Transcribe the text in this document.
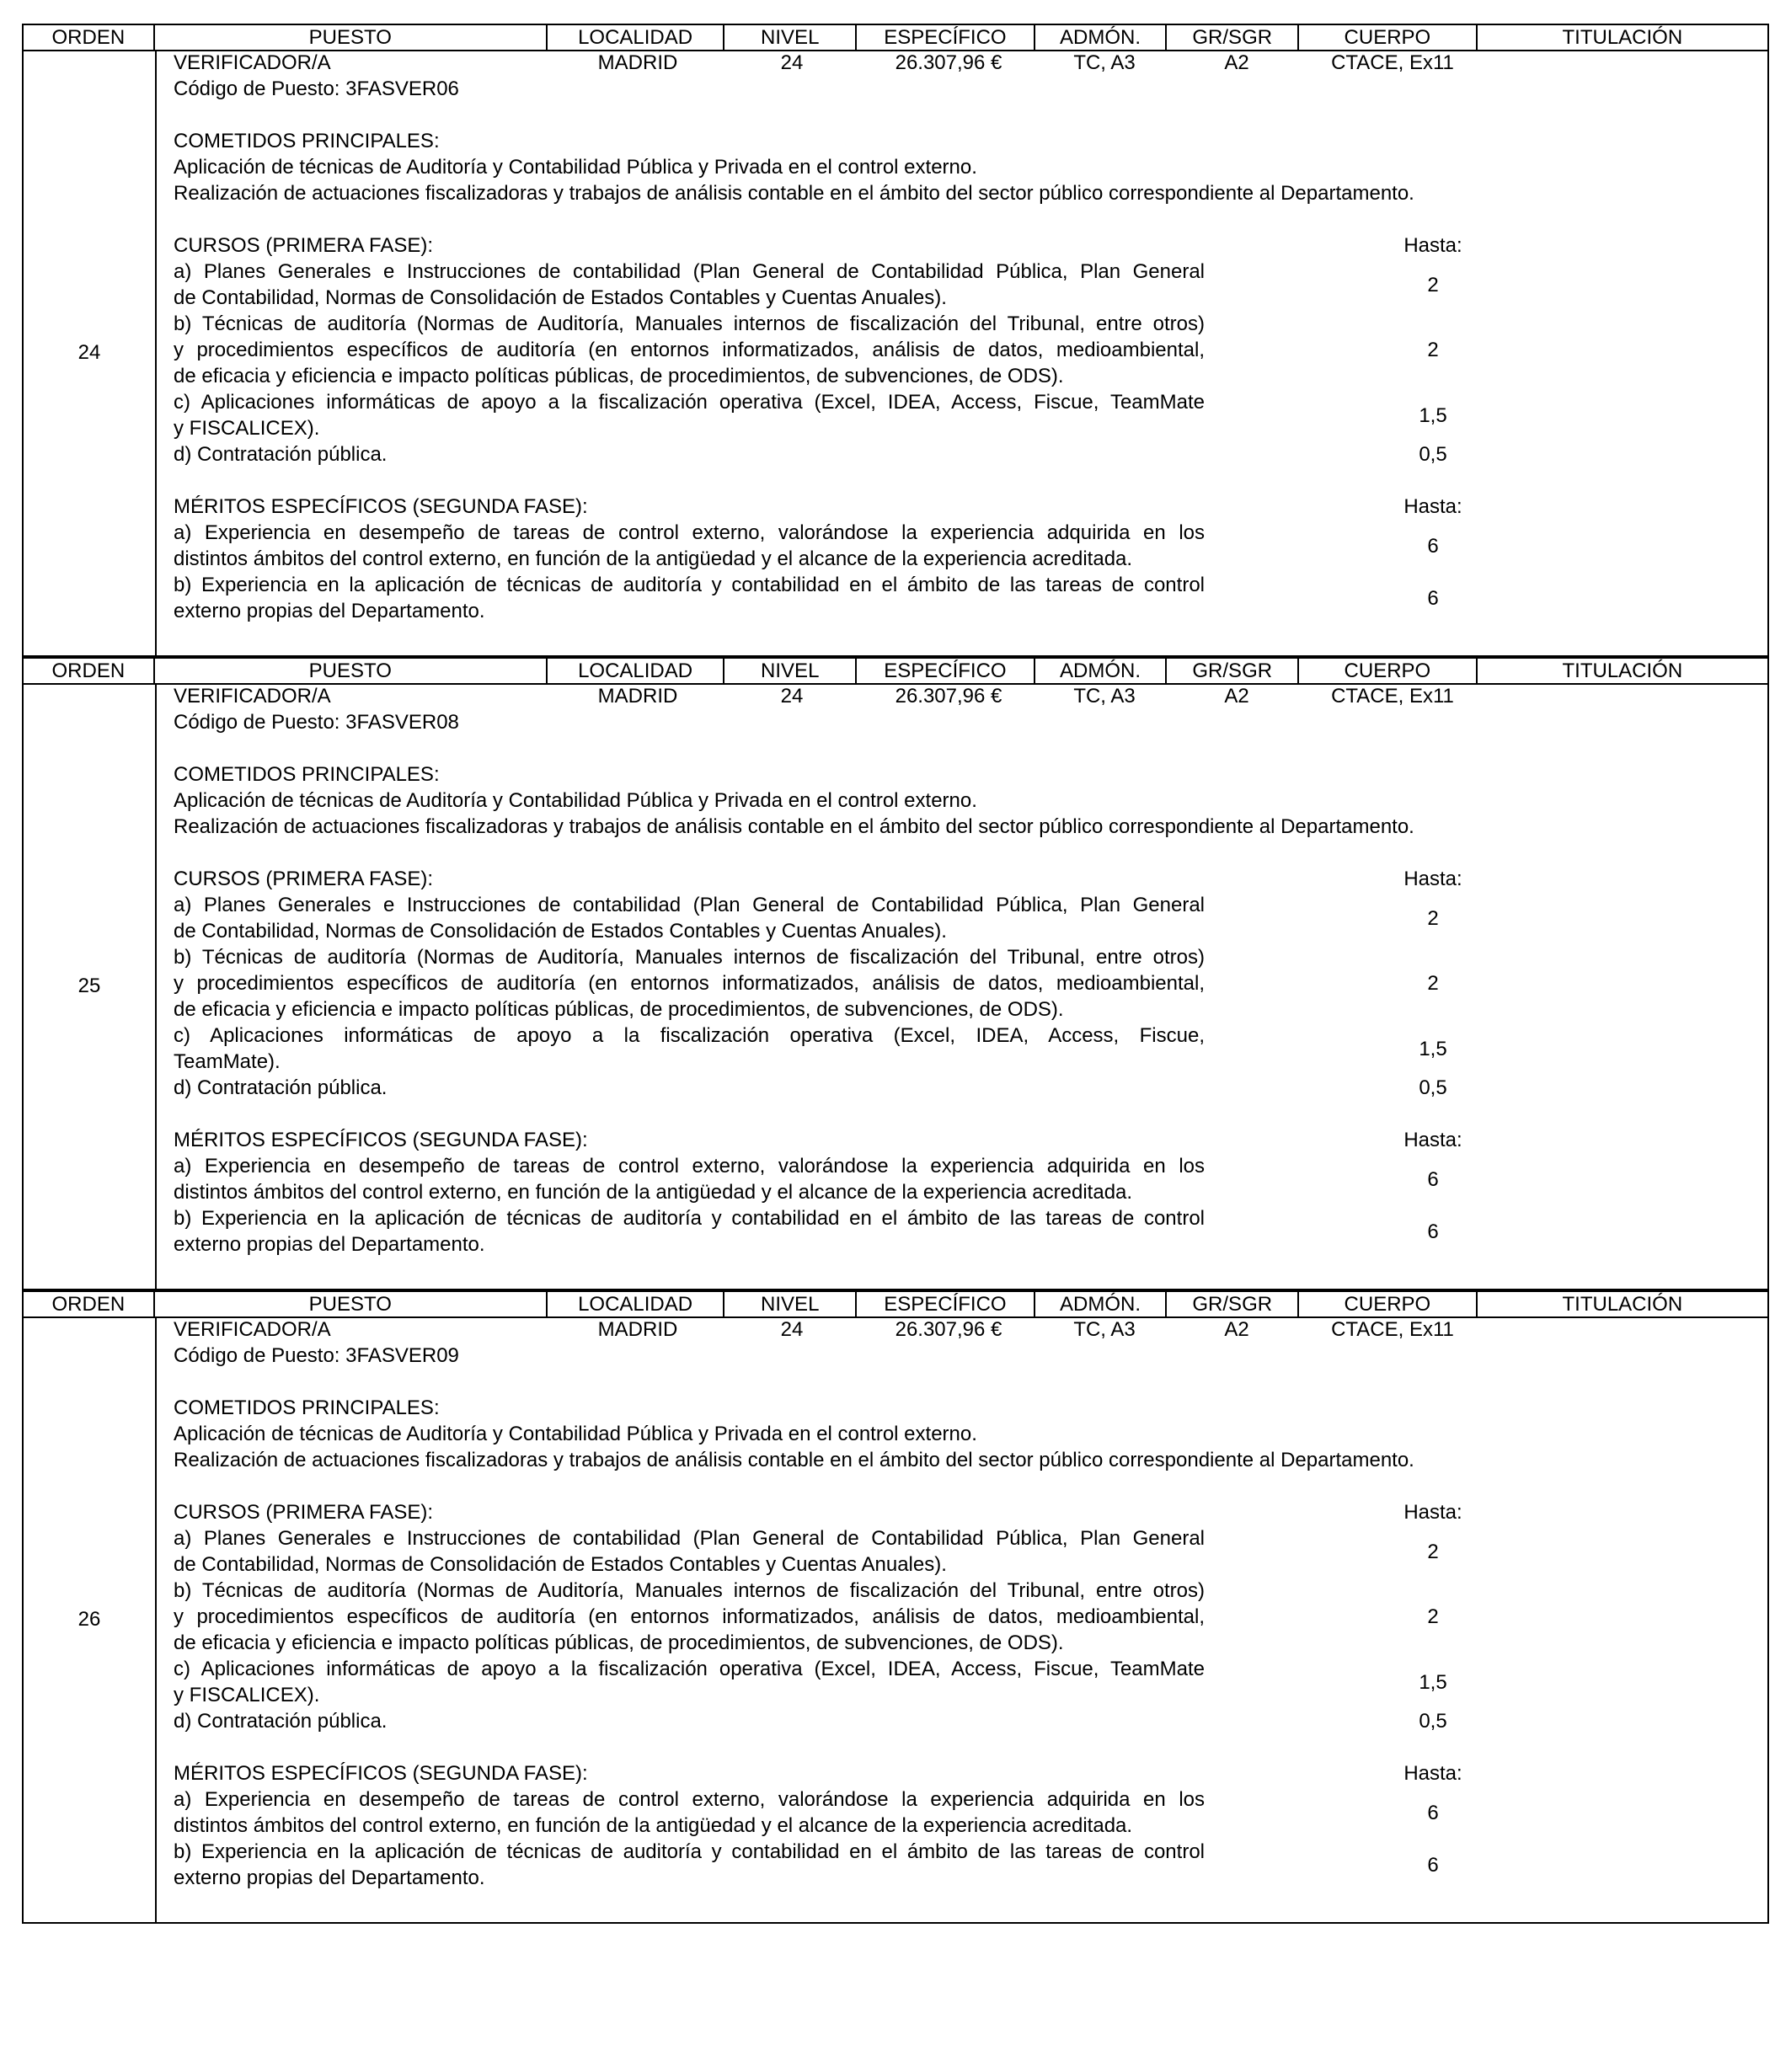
ORDEN	PUESTO	LOCALIDAD	NIVEL	ESPECÍFICO	ADMÓN.	GR/SGR	CUERPO	TITULACIÓN
24
VERIFICADOR/A	MADRID	24	26.307,96 €	TC, A3	A2	CTACE, Ex11
Código de Puesto: 3FASVER06
COMETIDOS PRINCIPALES:
Aplicación de técnicas de Auditoría y Contabilidad Pública y Privada en el control externo.
Realización de actuaciones fiscalizadoras y trabajos de análisis contable en el ámbito del sector público correspondiente al Departamento.
CURSOS (PRIMERA FASE):	Hasta:
a) Planes Generales e Instrucciones de contabilidad (Plan General de Contabilidad Pública, Plan General
de Contabilidad, Normas de Consolidación de Estados Contables y Cuentas Anuales).
2
b) Técnicas de auditoría (Normas de Auditoría, Manuales internos de fiscalización del Tribunal, entre otros)
y procedimientos específicos de auditoría (en entornos informatizados, análisis de datos, medioambiental,
de eficacia y eficiencia e impacto políticas públicas, de procedimientos, de subvenciones, de ODS).
2
c) Aplicaciones informáticas de apoyo a la fiscalización operativa (Excel, IDEA, Access, Fiscue, TeamMate
y FISCALICEX).
1,5
d) Contratación pública.	0,5
MÉRITOS ESPECÍFICOS (SEGUNDA FASE):	Hasta:
a) Experiencia en desempeño de tareas de control externo, valorándose la experiencia adquirida en los
distintos ámbitos del control externo, en función de la antigüedad y el alcance de la experiencia acreditada.
6
b) Experiencia en la aplicación de técnicas de auditoría y contabilidad en el ámbito de las tareas de control
externo propias del Departamento.
6
ORDEN	PUESTO	LOCALIDAD	NIVEL	ESPECÍFICO	ADMÓN.	GR/SGR	CUERPO	TITULACIÓN
25
VERIFICADOR/A	MADRID	24	26.307,96 €	TC, A3	A2	CTACE, Ex11
Código de Puesto: 3FASVER08
COMETIDOS PRINCIPALES:
Aplicación de técnicas de Auditoría y Contabilidad Pública y Privada en el control externo.
Realización de actuaciones fiscalizadoras y trabajos de análisis contable en el ámbito del sector público correspondiente al Departamento.
CURSOS (PRIMERA FASE):	Hasta:
a) Planes Generales e Instrucciones de contabilidad (Plan General de Contabilidad Pública, Plan General
de Contabilidad, Normas de Consolidación de Estados Contables y Cuentas Anuales).
2
b) Técnicas de auditoría (Normas de Auditoría, Manuales internos de fiscalización del Tribunal, entre otros)
y procedimientos específicos de auditoría (en entornos informatizados, análisis de datos, medioambiental,
de eficacia y eficiencia e impacto políticas públicas, de procedimientos, de subvenciones, de ODS).
2
c) Aplicaciones informáticas de apoyo a la fiscalización operativa (Excel, IDEA, Access, Fiscue,
TeamMate).
1,5
d) Contratación pública.	0,5
MÉRITOS ESPECÍFICOS (SEGUNDA FASE):	Hasta:
a) Experiencia en desempeño de tareas de control externo, valorándose la experiencia adquirida en los
distintos ámbitos del control externo, en función de la antigüedad y el alcance de la experiencia acreditada.
6
b) Experiencia en la aplicación de técnicas de auditoría y contabilidad en el ámbito de las tareas de control
externo propias del Departamento.
6
ORDEN	PUESTO	LOCALIDAD	NIVEL	ESPECÍFICO	ADMÓN.	GR/SGR	CUERPO	TITULACIÓN
26
VERIFICADOR/A	MADRID	24	26.307,96 €	TC, A3	A2	CTACE, Ex11
Código de Puesto: 3FASVER09
COMETIDOS PRINCIPALES:
Aplicación de técnicas de Auditoría y Contabilidad Pública y Privada en el control externo.
Realización de actuaciones fiscalizadoras y trabajos de análisis contable en el ámbito del sector público correspondiente al Departamento.
CURSOS (PRIMERA FASE):	Hasta:
a) Planes Generales e Instrucciones de contabilidad (Plan General de Contabilidad Pública, Plan General
de Contabilidad, Normas de Consolidación de Estados Contables y Cuentas Anuales).
2
b) Técnicas de auditoría (Normas de Auditoría, Manuales internos de fiscalización del Tribunal, entre otros)
y procedimientos específicos de auditoría (en entornos informatizados, análisis de datos, medioambiental,
de eficacia y eficiencia e impacto políticas públicas, de procedimientos, de subvenciones, de ODS).
2
c) Aplicaciones informáticas de apoyo a la fiscalización operativa (Excel, IDEA, Access, Fiscue, TeamMate
y FISCALICEX).
1,5
d) Contratación pública.	0,5
MÉRITOS ESPECÍFICOS (SEGUNDA FASE):	Hasta:
a) Experiencia en desempeño de tareas de control externo, valorándose la experiencia adquirida en los
distintos ámbitos del control externo, en función de la antigüedad y el alcance de la experiencia acreditada.
6
b) Experiencia en la aplicación de técnicas de auditoría y contabilidad en el ámbito de las tareas de control
externo propias del Departamento.
6
